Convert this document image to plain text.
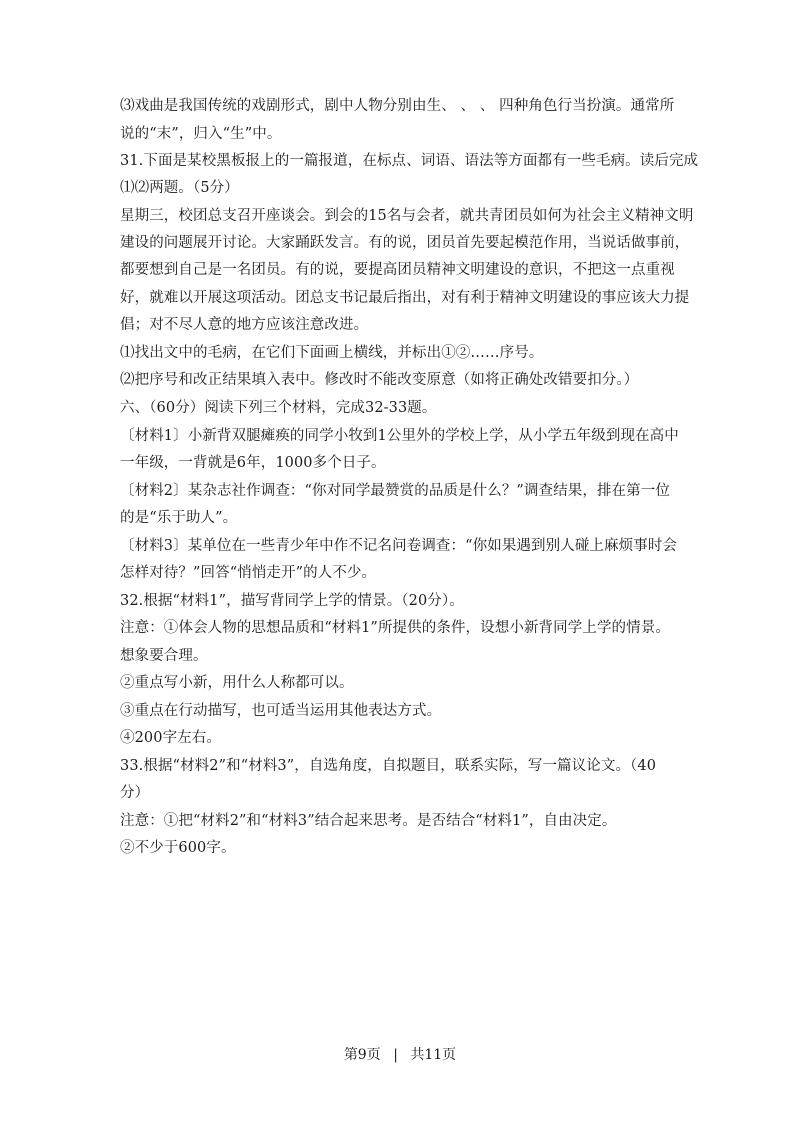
⑶戏曲是我国传统的戏剧形式，剧中人物分别由生、 、 、 四种角色行当扮演。通常所
说的“末”，归入“生”中。
31.下面是某校黑板报上的一篇报道，在标点、词语、语法等方面都有一些毛病。读后完成
⑴⑵两题。（5分）
星期三，校团总支召开座谈会。到会的15名与会者，就共青团员如何为社会主义精神文明
建设的问题展开讨论。大家踊跃发言。有的说，团员首先要起模范作用，当说话做事前，
都要想到自己是一名团员。有的说，要提高团员精神文明建设的意识，不把这一点重视
好，就难以开展这项活动。团总支书记最后指出，对有利于精神文明建设的事应该大力提
倡；对不尽人意的地方应该注意改进。
⑴找出文中的毛病，在它们下面画上横线，并标出①②……序号。
⑵把序号和改正结果填入表中。修改时不能改变原意（如将正确处改错要扣分。）
六、（60分）阅读下列三个材料，完成32-33题。
〔材料1〕小新背双腿瘫痪的同学小牧到1公里外的学校上学，从小学五年级到现在高中
一年级，一背就是6年，1000多个日子。
〔材料2〕某杂志社作调查：“你对同学最赞赏的品质是什么？”调查结果，排在第一位
的是“乐于助人”。
〔材料3〕某单位在一些青少年中作不记名问卷调查：“你如果遇到别人碰上麻烦事时会
怎样对待？”回答“悄悄走开”的人不少。
32.根据“材料1”，描写背同学上学的情景。（20分）。
注意：①体会人物的思想品质和“材料1”所提供的条件，设想小新背同学上学的情景。
想象要合理。
②重点写小新，用什么人称都可以。
③重点在行动描写，也可适当运用其他表达方式。
④200字左右。
33.根据“材料2”和“材料3”，自选角度，自拟题目，联系实际，写一篇议论文。（40
分）
注意：①把“材料2”和“材料3”结合起来思考。是否结合“材料1”，自由决定。
②不少于600字。
第9页 | 共11页
